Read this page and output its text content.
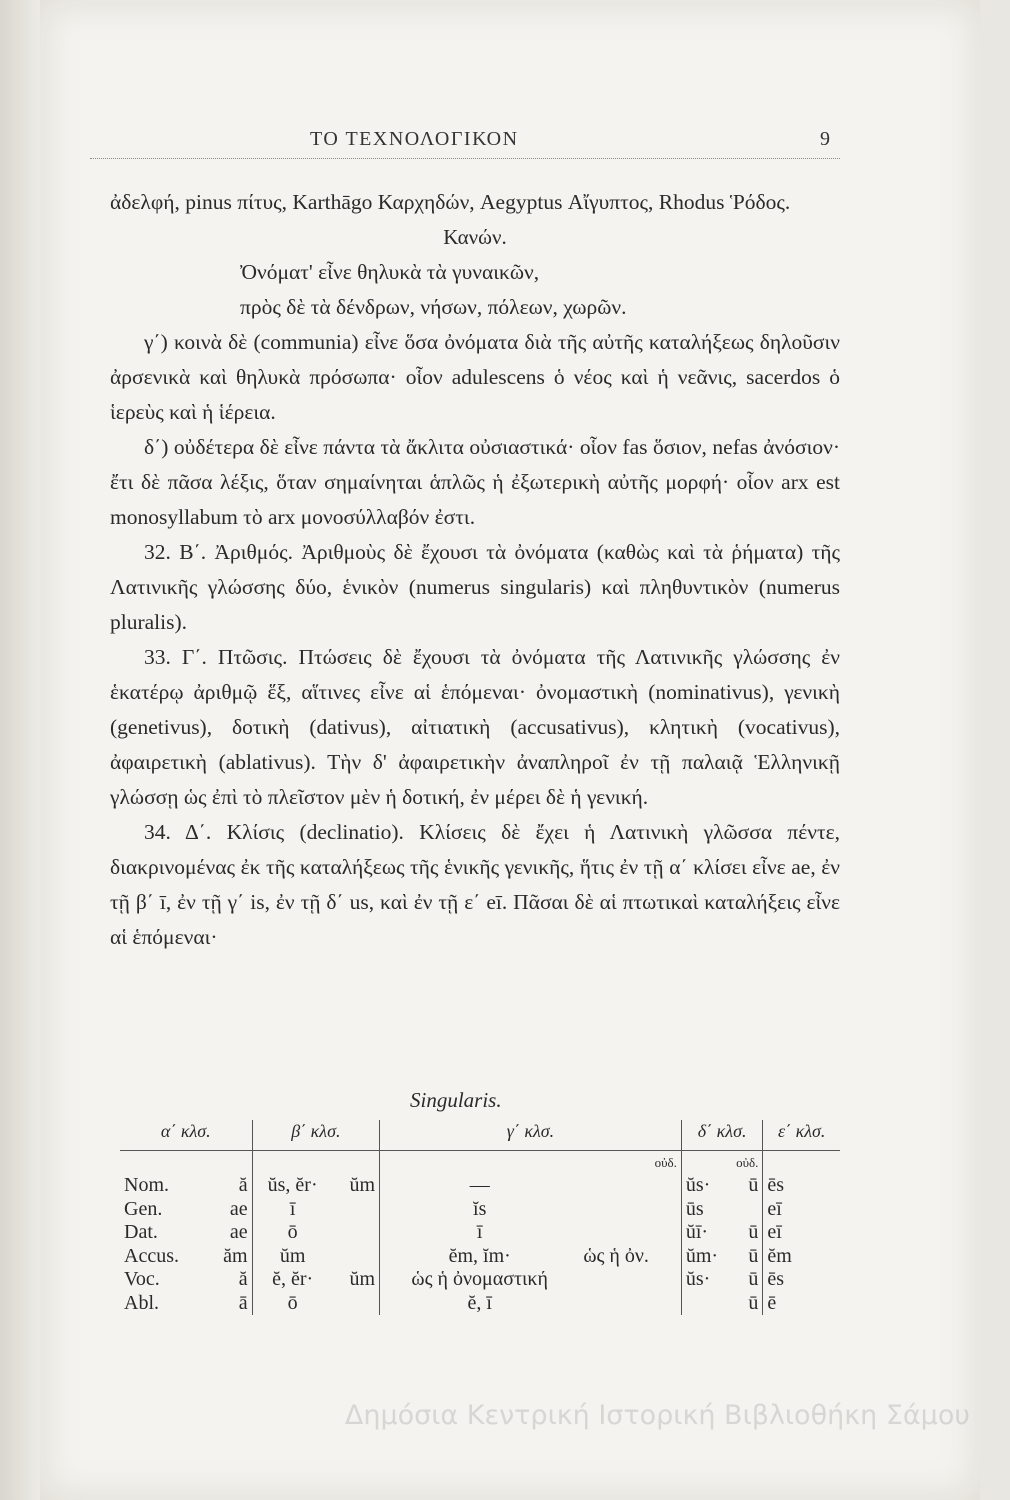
ΤΟ ΤΕΧΝΟΛΟΓΙΚΟΝ	9

ἀδελφή, pinus πίτυς, Karthāgo Καρχηδών, Aegyptus Αἴγυπτος, Rhodus Ῥόδος.

Κανών.

Ὀνόματ' εἶνε θηλυκὰ τὰ γυναικῶν,

πρὸς δὲ τὰ δένδρων, νήσων, πόλεων, χωρῶν.

γ΄) κοινὰ δὲ (communia) εἶνε ὅσα ὀνόματα διὰ τῆς αὐτῆς καταλήξεως δηλοῦσιν ἀρσενικὰ καὶ θηλυκὰ πρόσωπα· οἷον adulescens ὁ νέος καὶ ἡ νεᾶνις, sacerdos ὁ ἱερεὺς καὶ ἡ ἱέρεια.

δ΄) οὐδέτερα δὲ εἶνε πάντα τὰ ἄκλιτα οὐσιαστικά· οἷον fas ὅσιον, nefas ἀνόσιον· ἔτι δὲ πᾶσα λέξις, ὅταν σημαίνηται ἁπλῶς ἡ ἐξωτερικὴ αὐτῆς μορφή· οἷον arx est monosyllabum τὸ arx μονοσύλλαβόν ἐστι.

32. Β΄. Ἀριθμός. Ἀριθμοὺς δὲ ἔχουσι τὰ ὀνόματα (καθὼς καὶ τὰ ῥήματα) τῆς Λατινικῆς γλώσσης δύο, ἑνικὸν (numerus singularis) καὶ πληθυντικὸν (numerus pluralis).

33. Γ΄. Πτῶσις. Πτώσεις δὲ ἔχουσι τὰ ὀνόματα τῆς Λατινικῆς γλώσσης ἐν ἑκατέρῳ ἀριθμῷ ἕξ, αἵτινες εἶνε αἱ ἑπόμεναι· ὀνομαστικὴ (nominativus), γενικὴ (genetivus), δοτικὴ (dativus), αἰτιατικὴ (accusativus), κλητικὴ (vocativus), ἀφαιρετικὴ (ablativus). Τὴν δ' ἀφαιρετικὴν ἀναπληροῖ ἐν τῇ παλαιᾷ Ἑλληνικῇ γλώσσῃ ὡς ἐπὶ τὸ πλεῖστον μὲν ἡ δοτική, ἐν μέρει δὲ ἡ γενική.

34. Δ΄. Κλίσις (declinatio). Κλίσεις δὲ ἔχει ἡ Λατινικὴ γλῶσσα πέντε, διακρινομένας ἐκ τῆς καταλήξεως τῆς ἑνικῆς γενικῆς, ἥτις ἐν τῇ α΄ κλίσει εἶνε ae, ἐν τῇ β΄ ī, ἐν τῇ γ΄ is, ἐν τῇ δ΄ us, καὶ ἐν τῇ ε΄ eī. Πᾶσαι δὲ αἱ πτωτικαὶ καταλήξεις εἶνε αἱ ἑπόμεναι·

Singularis.
α΄ κλσ.		β΄ κλσ.		γ΄ κλσ.		δ΄ κλσ.		ε΄ κλσ.
				οὐδ.		οὐδ.		
Nom.	ă	ŭs, ĕr·	ŭm	—		ŭs·	ū	ēs
Gen.	ae	ī		ĭs		ūs		eī
Dat.	ae	ō		ī		ŭī·	ū	eī
Accus.	ăm	ŭm		ĕm, ĭm·	ὡς ἡ ὀν.	ŭm·	ū	ĕm
Voc.	ă	ĕ, ĕr·	ŭm	ὡς ἡ ὀνομαστική		ŭs·	ū	ēs
Abl.	ā	ō		ĕ, ī			ū	ē
Δημόσια Κεντρική Ιστορική Βιβλιοθήκη Σάμου
